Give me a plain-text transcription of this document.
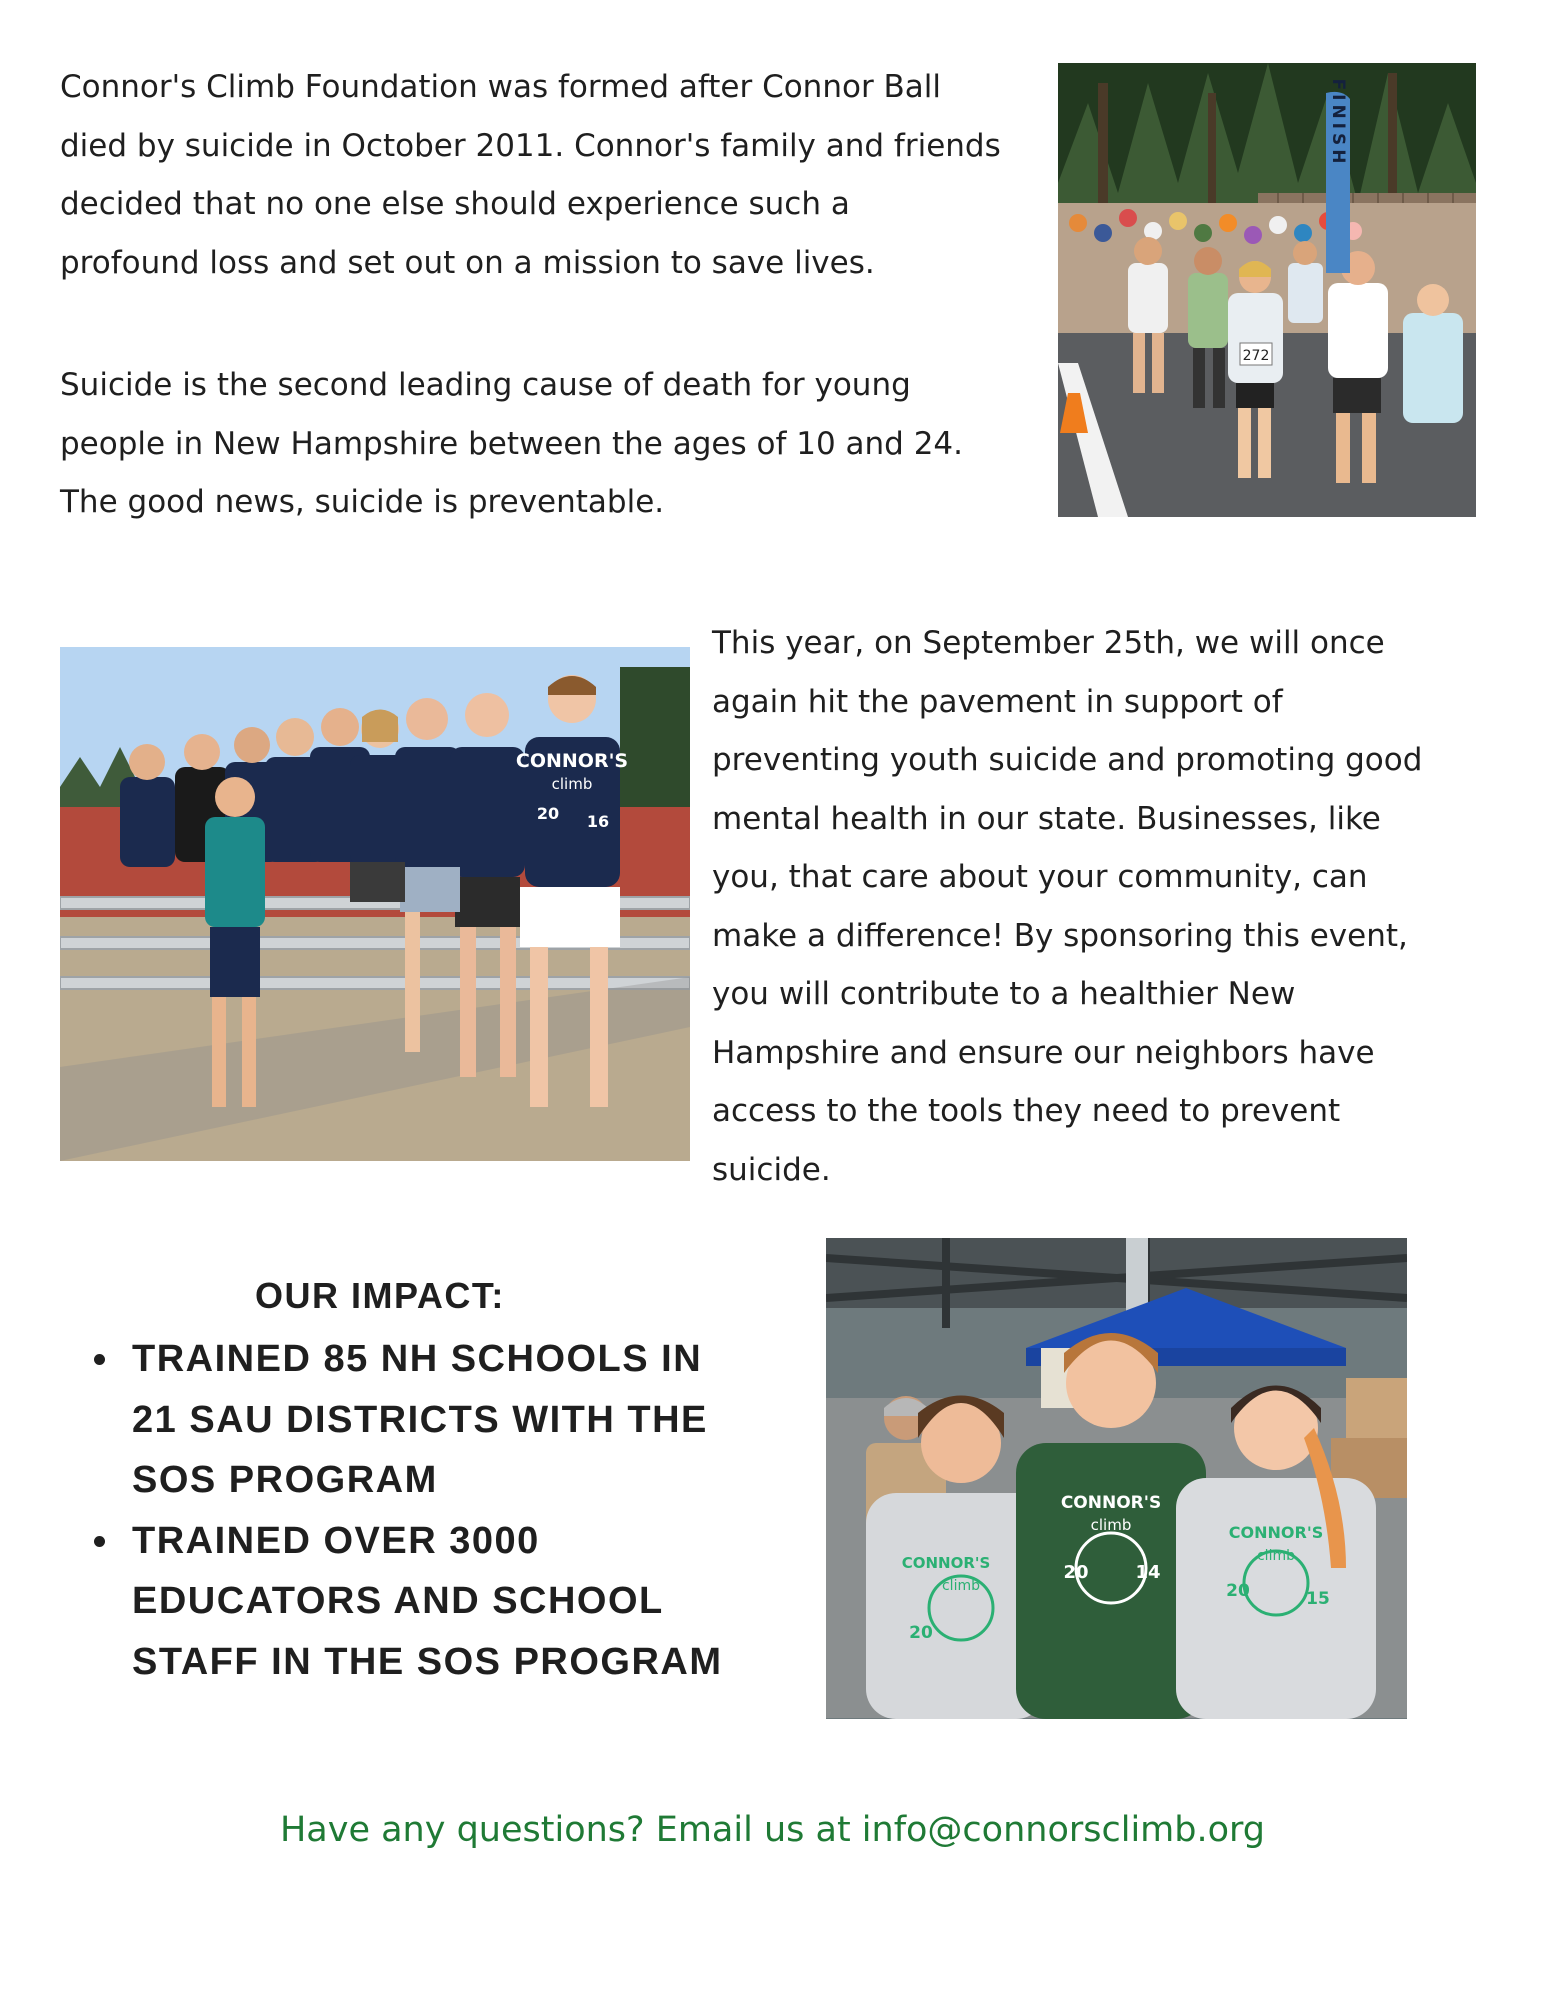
Connor's Climb Foundation was formed after Connor Ball
died by suicide in October 2011. Connor's family and friends
decided that no one else should experience such a
profound loss and set out on a mission to save lives.

Suicide is the second leading cause of death for young
people in New Hampshire between the ages of 10 and 24.
The good news, suicide is preventable.

272
FINISH
CONNOR'S
climb
20 16

This year, on September 25th, we will once
again hit the pavement in support of
preventing youth suicide and promoting good
mental health in our state. Businesses, like
you, that care about your community, can
make a difference! By sponsoring this event,
you will contribute to a healthier New
Hampshire and ensure our neighbors have
access to the tools they need to prevent
suicide.

OUR IMPACT:
TRAINED 85 NH SCHOOLS IN
21 SAU DISTRICTS WITH THE
SOS PROGRAM
TRAINED OVER 3000
EDUCATORS AND SCHOOL
STAFF IN THE SOS PROGRAM
CONNOR'S
climb
20
CONNOR'S
climb
20	14
CONNOR'S
climb
20	15

Have any questions? Email us at info@connorsclimb.org
